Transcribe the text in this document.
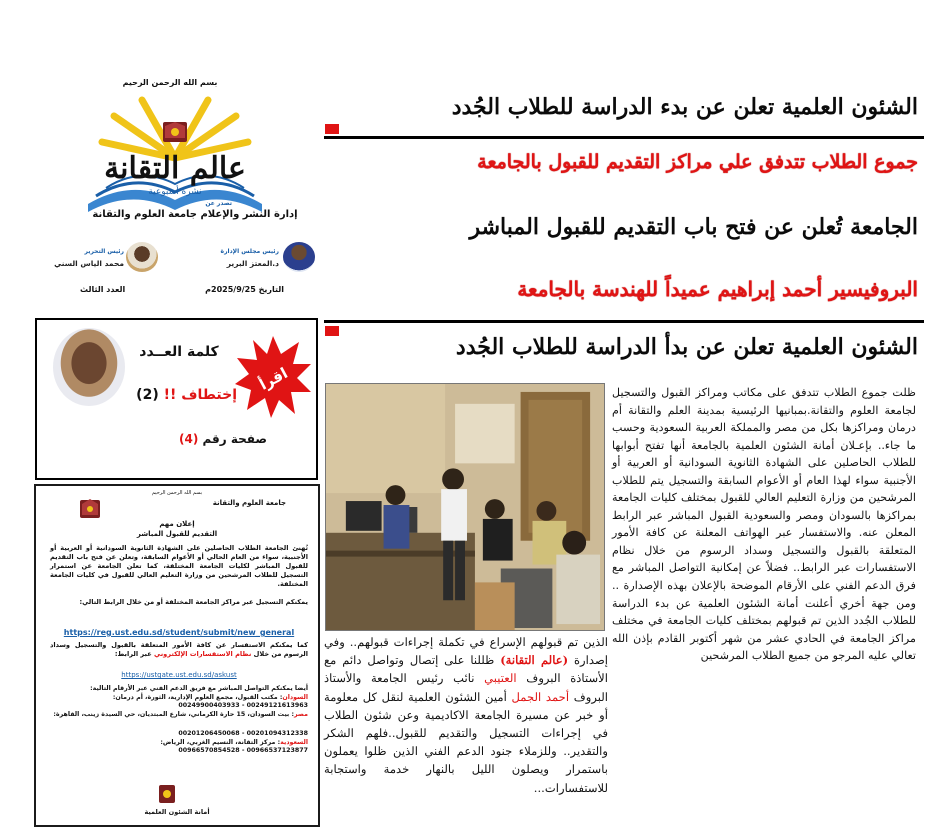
بسم الله الرحمن الرحيم
عالم التقانة
نشرة أسبوعية
تصدر عن
إدارة النشر والإعلام جامعة العلوم والتقانة
رئيس التحرير
محمد الياس السني
رئيس مجلس الإدارة
د.المعتز البرير
التاريخ 2025/9/25م
العدد الثالث
الشئون العلمية تعلن عن بدء الدراسة للطلاب الجُدد
جموع الطلاب تتدفق علي مراكز التقديم للقبول بالجامعة
الجامعة تُعلن عن فتح باب التقديم للقبول المباشر
البروفيسير أحمد إبراهيم عميداً للهندسة بالجامعة
الشئون العلمية تعلن عن بدأ الدراسة للطلاب الجُدد
كلمة العــدد
اقرأ
إختطاف !! (2)
صفحة رقم (4)
بسم الله الرحمن الرحيم
جامعة العلوم والتقانة
إعلان مهم
التقديم للقبول المباشر
تُهنئ الجامعة الطلاب الحاصلين على الشهادة الثانوية السودانية أو العربية أو الأجنبية، سواء من العام الحالي أو الأعوام السابقة، وتعلن عن فتح باب التقديم للقبول المباشر لكليات الجامعة المختلفة، كما تعلن الجامعة عن استمرار التسجيل للطلاب المرشحين من وزارة التعليم العالي للقبول في كليات الجامعة المختلفة.

يمكنكم التسجيل عبر مراكز الجامعة المختلفة أو من خلال الرابط التالي:
https://reg.ust.edu.sd/student/submit/new_general
كما يمكنكم الاستفسار عن كافة الأمور المتعلقة بالقبول والتسجيل وسداد الرسوم من خلال نظام الاستفسارات الإلكتروني عبر الرابط:
https://ustgate.ust.edu.sd/askust
أيضا يمكنكم التواصل المباشر مع فريق الدعم الفني عبر الأرقام التالية:
السودان: مكتب القبول، مجمع العلوم الإدارية، الثورة، أم درمان:
00249121613963 - 00249900403933
مصر: بيت السودان، 15 حارة الكرماني، شارع المبتديان، حي السيدة زينب، القاهرة:
00201094312338 - 00201206450068
السعودية: مركز التقانة، النسيم الغربي، الرياض:
00966537123877 - 00966570854528
أمانة الشئون العلمية
ظلت جموع الطلاب تتدفق على مكاتب ومراكز القبول والتسجيل لجامعة العلوم والتقانة.بمبانيها الرئيسية بمدينة العلم والتقانة أم درمان ومراكزها بكل من مصر والمملكة العربية السعودية وحسب ما جاء.. بإعـلان أمانة الشئون العلمية بالجامعة أنها تفتح أبوابها للطلاب الحاصلين على الشهادة الثانوية السودانية أو العربية أو الأجنبية سواء لهذا العام أو الأعوام السابقة والتسجيل يتم للطلاب المرشحين من وزارة التعليم العالي للقبول بمختلف كليات الجامعة بمراكزها بالسودان ومصر والسعودية القبول المباشر عبر الرابط المعلن عنه. والاستفسار عبر الهواتف المعلنة عن كافة الأمور المتعلقة بالقبول والتسجيل وسداد الرسوم من خلال نظام الاستفسارات عبر الرابط.. فضلاً عن إمكانية التواصل المباشر مع فرق الدعم الفني على الأرقام الموضحة بالإعلان بهذه الإصدارة .. ومن جهة أخري أعلنت أمانة الشئون العلمية عن بدء الدراسة للطلاب الجُدد الذين تم قبولهم بمختلف كليات الجامعة في مختلف مراكز الجامعة في الحادي عشر من شهر أكتوبر القادم بإذن الله تعالي عليه المرجو من جميع الطلاب المرشحين
الذين تم قبولهم الإسراع في تكملة إجراءات قبولهم.. وفي إصدارة (عالم التقانة) ظللنا على إتصال وتواصل دائم مع الأستاذة البروف العتيبي نائب رئيس الجامعة والأستاذ البروف أحمد الجمل أمين الشئون العلمية لنقل كل معلومة أو خبر عن مسيرة الجامعة الاكاديمية وعن شئون الطلاب في إجراءات التسجيل والتقديم للقبول..فلهم الشكر والتقدير.. وللزملاء جنود الدعم الفني الذين ظلوا يعملون باستمرار ويصلون الليل بالنهار خدمة واستجابة للاستفسارات...
